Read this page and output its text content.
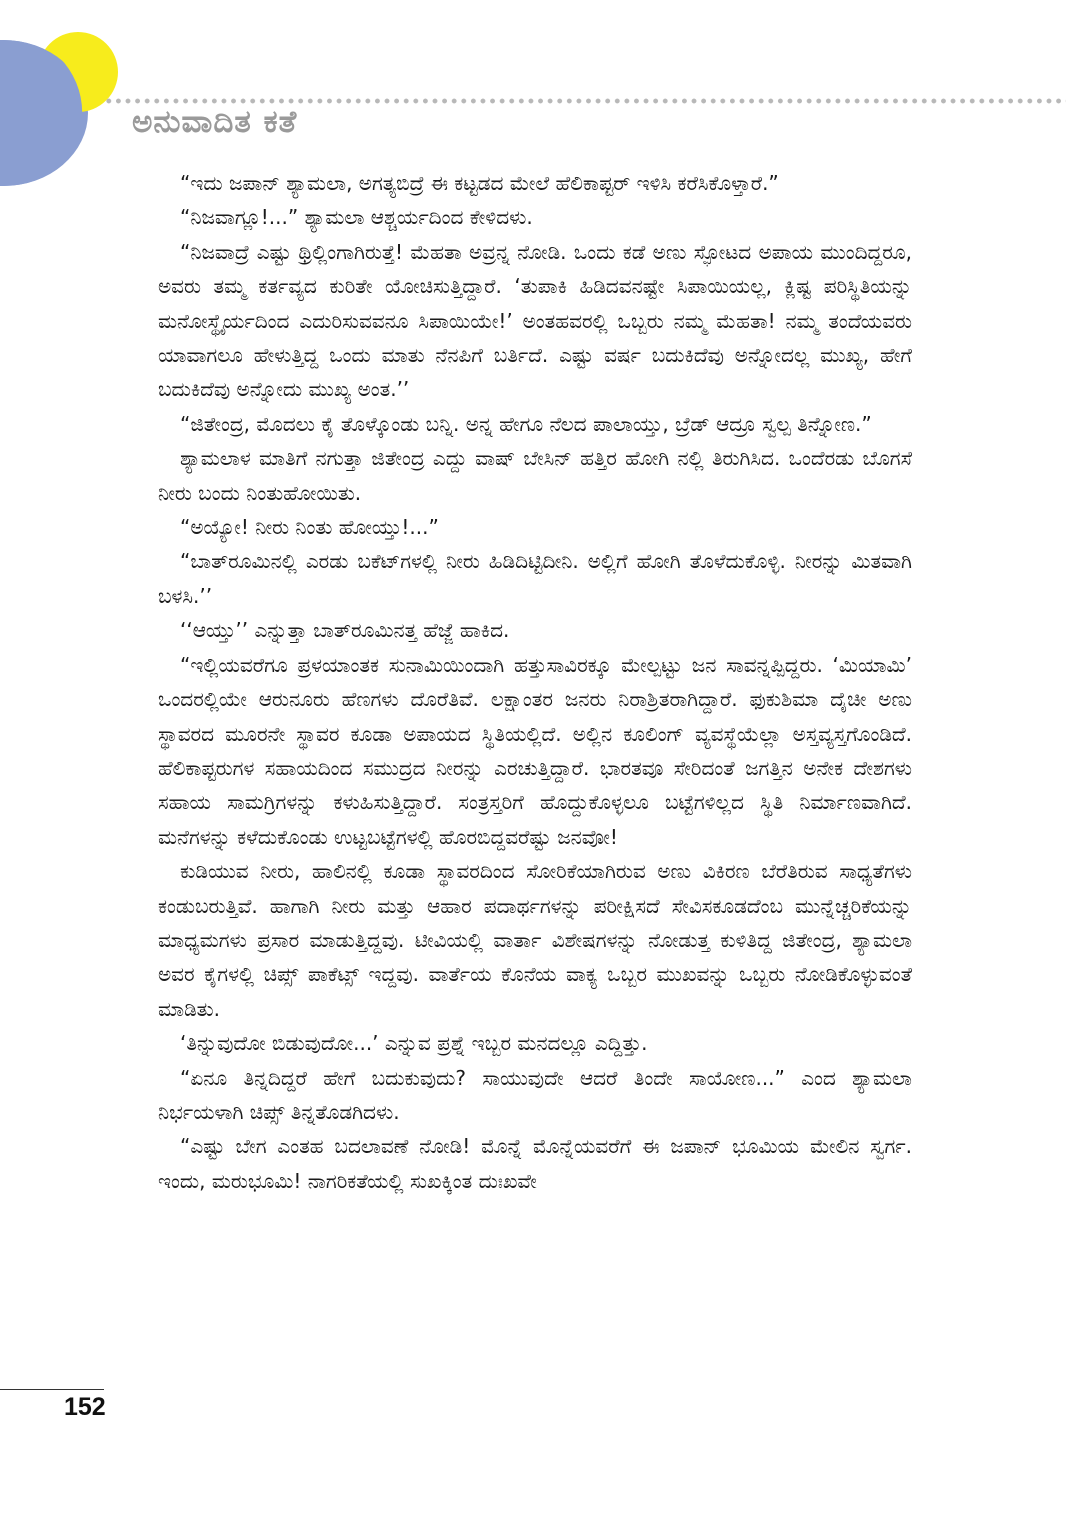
ಅನುವಾದಿತ ಕತೆ

“ಇದು ಜಪಾನ್ ಶ್ಯಾಮಲಾ, ಅಗತ್ಯಬಿದ್ರೆ ಈ ಕಟ್ಟಡದ ಮೇಲೆ ಹೆಲಿಕಾಪ್ಟರ್ ಇಳಿಸಿ ಕರೆಸಿಕೊಳ್ತಾರೆ.”

“ನಿಜವಾಗ್ಲೂ!...” ಶ್ಯಾಮಲಾ ಆಶ್ಚರ್ಯದಿಂದ ಕೇಳಿದಳು.

“ನಿಜವಾದ್ರೆ ಎಷ್ಟು ಥ್ರಿಲ್ಲಿಂಗಾಗಿರುತ್ತೆ! ಮೆಹತಾ ಅವ್ರನ್ನ ನೋಡಿ. ಒಂದು ಕಡೆ ಅಣು ಸ್ಫೋಟದ ಅಪಾಯ ಮುಂದಿದ್ದರೂ, ಅವರು ತಮ್ಮ ಕರ್ತವ್ಯದ ಕುರಿತೇ ಯೋಚಿಸುತ್ತಿದ್ದಾರೆ. ‘ತುಪಾಕಿ ಹಿಡಿದವನಷ್ಟೇ ಸಿಪಾಯಿಯಲ್ಲ, ಕ್ಲಿಷ್ಟ ಪರಿಸ್ಥಿತಿಯನ್ನು ಮನೋಸ್ಥೈರ್ಯದಿಂದ ಎದುರಿಸುವವನೂ ಸಿಪಾಯಿಯೇ!’ ಅಂತಹವರಲ್ಲಿ ಒಬ್ಬರು ನಮ್ಮ ಮೆಹತಾ! ನಮ್ಮ ತಂದೆಯವರು ಯಾವಾಗಲೂ ಹೇಳುತ್ತಿದ್ದ ಒಂದು ಮಾತು ನೆನಪಿಗೆ ಬರ್ತಿದೆ. ಎಷ್ಟು ವರ್ಷ ಬದುಕಿದೆವು ಅನ್ನೋದಲ್ಲ ಮುಖ್ಯ, ಹೇಗೆ ಬದುಕಿದೆವು ಅನ್ನೋದು ಮುಖ್ಯ ಅಂತ.’’

“ಜಿತೇಂದ್ರ, ಮೊದಲು ಕೈ ತೊಳ್ಕೊಂಡು ಬನ್ನಿ. ಅನ್ನ ಹೇಗೂ ನೆಲದ ಪಾಲಾಯ್ತು, ಬ್ರೆಡ್ ಆದ್ರೂ ಸ್ವಲ್ಪ ತಿನ್ನೋಣ.”

ಶ್ಯಾಮಲಾಳ ಮಾತಿಗೆ ನಗುತ್ತಾ ಜಿತೇಂದ್ರ ಎದ್ದು ವಾಷ್ ಬೇಸಿನ್ ಹತ್ತಿರ ಹೋಗಿ ನಲ್ಲಿ ತಿರುಗಿಸಿದ. ಒಂದೆರಡು ಬೊಗಸೆ ನೀರು ಬಂದು ನಿಂತುಹೋಯಿತು.

“ಅಯ್ಯೋ! ನೀರು ನಿಂತು ಹೋಯ್ತು!...”

“ಬಾತ್‌ರೂಮಿನಲ್ಲಿ ಎರಡು ಬಕೆಟ್‌ಗಳಲ್ಲಿ ನೀರು ಹಿಡಿದಿಟ್ಟಿದೀನಿ. ಅಲ್ಲಿಗೆ ಹೋಗಿ ತೊಳೆದುಕೊಳ್ಳಿ. ನೀರನ್ನು ಮಿತವಾಗಿ ಬಳಸಿ.’’

‘‘ಆಯ್ತು’’ ಎನ್ನುತ್ತಾ ಬಾತ್‌ರೂಮಿನತ್ತ ಹೆಜ್ಜೆ ಹಾಕಿದ.

“ಇಲ್ಲಿಯವರೆಗೂ ಪ್ರಳಯಾಂತಕ ಸುನಾಮಿಯಿಂದಾಗಿ ಹತ್ತುಸಾವಿರಕ್ಕೂ ಮೇಲ್ಪಟ್ಟು ಜನ ಸಾವನ್ನಪ್ಪಿದ್ದರು. ‘ಮಿಯಾಮಿ’ ಒಂದರಲ್ಲಿಯೇ ಆರುನೂರು ಹೆಣಗಳು ದೊರೆತಿವೆ. ಲಕ್ಷಾಂತರ ಜನರು ನಿರಾಶ್ರಿತರಾಗಿದ್ದಾರೆ. ಫುಕುಶಿಮಾ ದೈಚೀ ಅಣು ಸ್ಥಾವರದ ಮೂರನೇ ಸ್ಥಾವರ ಕೂಡಾ ಅಪಾಯದ ಸ್ಥಿತಿಯಲ್ಲಿದೆ. ಅಲ್ಲಿನ ಕೂಲಿಂಗ್ ವ್ಯವಸ್ಥೆಯೆಲ್ಲಾ ಅಸ್ತವ್ಯಸ್ತಗೊಂಡಿದೆ. ಹೆಲಿಕಾಪ್ಟರುಗಳ ಸಹಾಯದಿಂದ ಸಮುದ್ರದ ನೀರನ್ನು ಎರಚುತ್ತಿದ್ದಾರೆ. ಭಾರತವೂ ಸೇರಿದಂತೆ ಜಗತ್ತಿನ ಅನೇಕ ದೇಶಗಳು ಸಹಾಯ ಸಾಮಗ್ರಿಗಳನ್ನು ಕಳುಹಿಸುತ್ತಿದ್ದಾರೆ. ಸಂತ್ರಸ್ತರಿಗೆ ಹೊದ್ದುಕೊಳ್ಳಲೂ ಬಟ್ಟೆಗಳಿಲ್ಲದ ಸ್ಥಿತಿ ನಿರ್ಮಾಣವಾಗಿದೆ. ಮನೆಗಳನ್ನು ಕಳೆದುಕೊಂಡು ಉಟ್ಟಬಟ್ಟೆಗಳಲ್ಲಿ ಹೊರಬಿದ್ದವರೆಷ್ಟು ಜನವೋ!

ಕುಡಿಯುವ ನೀರು, ಹಾಲಿನಲ್ಲಿ ಕೂಡಾ ಸ್ಥಾವರದಿಂದ ಸೋರಿಕೆಯಾಗಿರುವ ಅಣು ವಿಕಿರಣ ಬೆರೆತಿರುವ ಸಾಧ್ಯತೆಗಳು ಕಂಡುಬರುತ್ತಿವೆ. ಹಾಗಾಗಿ ನೀರು ಮತ್ತು ಆಹಾರ ಪದಾರ್ಥಗಳನ್ನು ಪರೀಕ್ಷಿಸದೆ ಸೇವಿಸಕೂಡದೆಂಬ ಮುನ್ನೆಚ್ಚರಿಕೆಯನ್ನು ಮಾಧ್ಯಮಗಳು ಪ್ರಸಾರ ಮಾಡುತ್ತಿದ್ದವು. ಟೀವಿಯಲ್ಲಿ ವಾರ್ತಾ ವಿಶೇಷಗಳನ್ನು ನೋಡುತ್ತ ಕುಳಿತಿದ್ದ ಜಿತೇಂದ್ರ, ಶ್ಯಾಮಲಾ ಅವರ ಕೈಗಳಲ್ಲಿ ಚಿಪ್ಸ್ ಪಾಕೆಟ್ಸ್ ಇದ್ದವು. ವಾರ್ತೆಯ ಕೊನೆಯ ವಾಕ್ಯ ಒಬ್ಬರ ಮುಖವನ್ನು ಒಬ್ಬರು ನೋಡಿಕೊಳ್ಳುವಂತೆ ಮಾಡಿತು.

‘ತಿನ್ನುವುದೋ ಬಿಡುವುದೋ...’ ಎನ್ನುವ ಪ್ರಶ್ನೆ ಇಬ್ಬರ ಮನದಲ್ಲೂ ಎದ್ದಿತ್ತು.

“ಏನೂ ತಿನ್ನದಿದ್ದರೆ ಹೇಗೆ ಬದುಕುವುದು? ಸಾಯುವುದೇ ಆದರೆ ತಿಂದೇ ಸಾಯೋಣ...” ಎಂದ ಶ್ಯಾಮಲಾ ನಿರ್ಭಯಳಾಗಿ ಚಿಪ್ಸ್ ತಿನ್ನತೊಡಗಿದಳು.

“ಎಷ್ಟು ಬೇಗ ಎಂತಹ ಬದಲಾವಣೆ ನೋಡಿ! ಮೊನ್ನೆ ಮೊನ್ನೆಯವರೆಗೆ ಈ ಜಪಾನ್ ಭೂಮಿಯ ಮೇಲಿನ ಸ್ವರ್ಗ. ಇಂದು, ಮರುಭೂಮಿ! ನಾಗರಿಕತೆಯಲ್ಲಿ ಸುಖಕ್ಕಿಂತ ದುಃಖವೇ

152
